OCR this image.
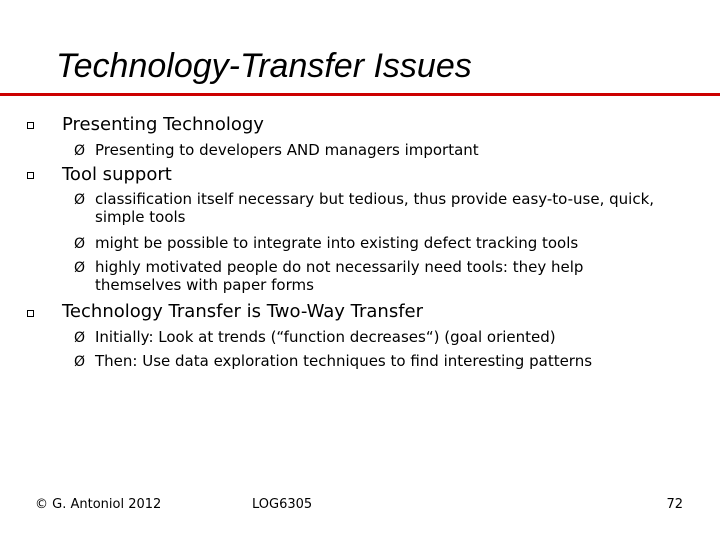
Technology-Transfer Issues
Presenting Technology
Ø Presenting to developers AND managers important
Tool support
Ø classification itself necessary but tedious, thus provide easy-to-use, quick, simple tools
Ø might be possible to integrate into existing defect tracking tools
Ø highly motivated people do not necessarily need tools: they help themselves with paper forms
Technology Transfer is Two-Way Transfer
Ø Initially: Look at trends (“function decreases“) (goal oriented)
Ø Then: Use data exploration techniques to find interesting patterns
© G. Antoniol 2012	LOG6305	72
